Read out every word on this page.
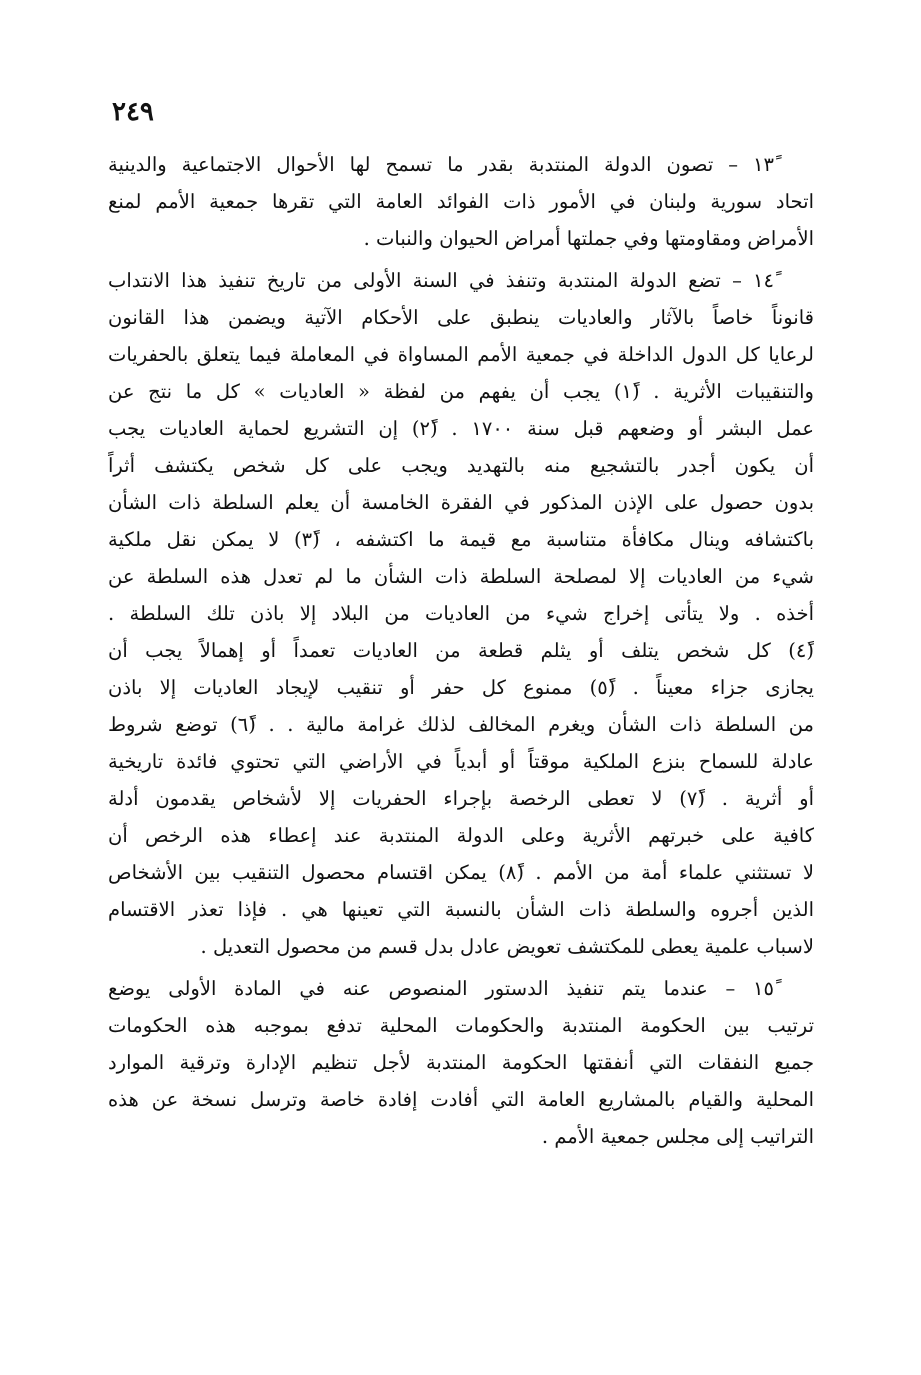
٢٤٩
١٣ً – تصون الدولة المنتدبة بقدر ما تسمح لها الأحوال الاجتماعية والدينية
اتحاد سورية ولبنان في الأمور ذات الفوائد العامة التي تقرها جمعية الأمم لمنع
الأمراض ومقاومتها وفي جملتها أمراض الحيوان والنبات .
١٤ً – تضع الدولة المنتدبة وتنفذ في السنة الأولى من تاريخ تنفيذ هذا الانتداب
قانوناً خاصاً بالآثار والعاديات ينطبق على الأحكام الآتية ويضمن هذا القانون
لرعايا كل الدول الداخلة في جمعية الأمم المساواة في المعاملة فيما يتعلق بالحفريات
والتنقيبات الأثرية . (١ً) يجب أن يفهم من لفظة « العاديات » كل ما نتج عن
عمل البشر أو وضعهم قبل سنة ١٧٠٠ . (٢ً) إن التشريع لحماية العاديات يجب
أن يكون أجدر بالتشجيع منه بالتهديد ويجب على كل شخص يكتشف أثراً
بدون حصول على الإذن المذكور في الفقرة الخامسة أن يعلم السلطة ذات الشأن
باكتشافه وينال مكافأة متناسبة مع قيمة ما اكتشفه ، (٣ً) لا يمكن نقل ملكية
شيء من العاديات إلا لمصلحة السلطة ذات الشأن ما لم تعدل هذه السلطة عن
أخذه . ولا يتأتى إخراج شيء من العاديات من البلاد إلا باذن تلك السلطة .
(٤ً) كل شخص يتلف أو يثلم قطعة من العاديات تعمداً أو إهمالاً يجب أن
يجازى جزاء معيناً . (٥ً) ممنوع كل حفر أو تنقيب لإيجاد العاديات إلا باذن
من السلطة ذات الشأن ويغرم المخالف لذلك غرامة مالية . . (٦ً) توضع شروط
عادلة للسماح بنزع الملكية موقتاً أو أبدياً في الأراضي التي تحتوي فائدة تاريخية
أو أثرية . (٧ً) لا تعطى الرخصة بإجراء الحفريات إلا لأشخاص يقدمون أدلة
كافية على خبرتهم الأثرية وعلى الدولة المنتدبة عند إعطاء هذه الرخص أن
لا تستثني علماء أمة من الأمم . (٨ً) يمكن اقتسام محصول التنقيب بين الأشخاص
الذين أجروه والسلطة ذات الشأن بالنسبة التي تعينها هي . فإذا تعذر الاقتسام
لاسباب علمية يعطى للمكتشف تعويض عادل بدل قسم من محصول التعديل .
١٥ً – عندما يتم تنفيذ الدستور المنصوص عنه في المادة الأولى يوضع
ترتيب بين الحكومة المنتدبة والحكومات المحلية تدفع بموجبه هذه الحكومات
جميع النفقات التي أنفقتها الحكومة المنتدبة لأجل تنظيم الإدارة وترقية الموارد
المحلية والقيام بالمشاريع العامة التي أفادت إفادة خاصة وترسل نسخة عن هذه
التراتيب إلى مجلس جمعية الأمم .
